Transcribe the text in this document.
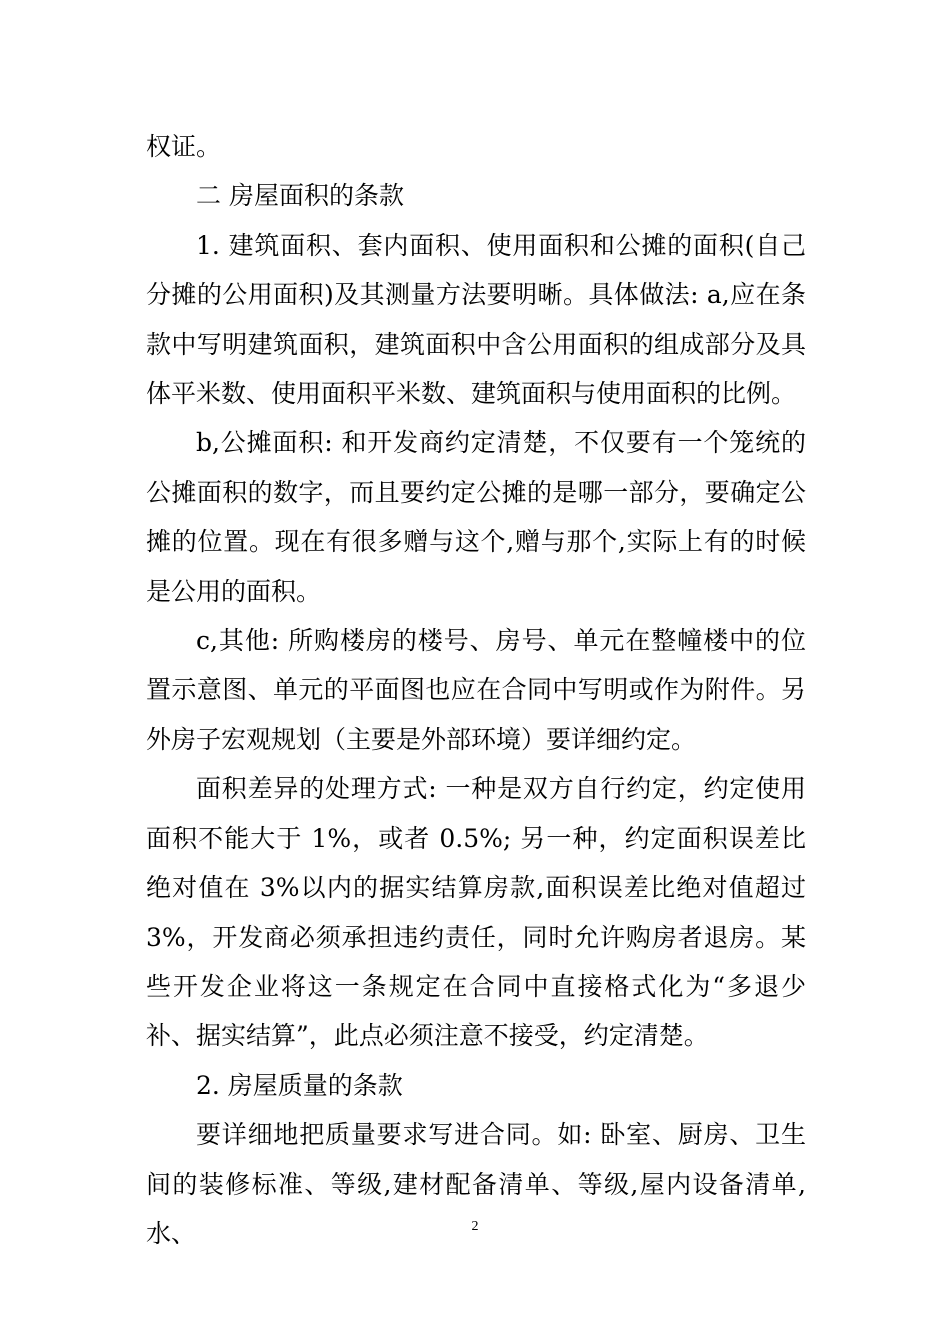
权证。

二 房屋面积的条款

1. 建筑面积、套内面积、使用面积和公摊的面积(自己分摊的公用面积)及其测量方法要明晰。具体做法: a,应在条款中写明建筑面积，建筑面积中含公用面积的组成部分及具体平米数、使用面积平米数、建筑面积与使用面积的比例。

b,公摊面积: 和开发商约定清楚，不仅要有一个笼统的公摊面积的数字，而且要约定公摊的是哪一部分，要确定公摊的位置。现在有很多赠与这个,赠与那个,实际上有的时候是公用的面积。

c,其他: 所购楼房的楼号、房号、单元在整幢楼中的位置示意图、单元的平面图也应在合同中写明或作为附件。另外房子宏观规划（主要是外部环境）要详细约定。

面积差异的处理方式: 一种是双方自行约定，约定使用面积不能大于 1%，或者 0.5%; 另一种，约定面积误差比绝对值在 3%以内的据实结算房款,面积误差比绝对值超过 3%，开发商必须承担违约责任，同时允许购房者退房。某些开发企业将这一条规定在合同中直接格式化为“多退少补、据实结算”，此点必须注意不接受，约定清楚。

2. 房屋质量的条款

要详细地把质量要求写进合同。如: 卧室、厨房、卫生间的装修标准、等级,建材配备清单、等级,屋内设备清单,水、	2
